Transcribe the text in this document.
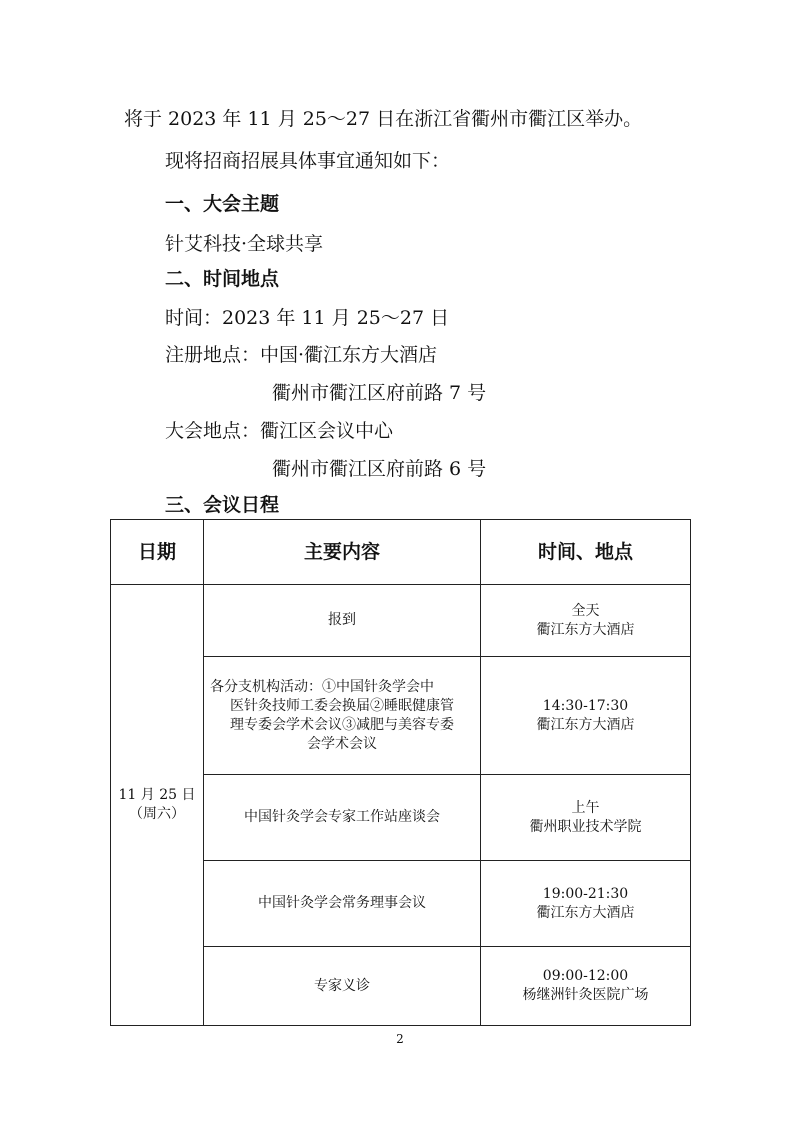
将于 2023 年 11 月 25～27 日在浙江省衢州市衢江区举办。
现将招商招展具体事宜通知如下：
一、大会主题
针艾科技·全球共享
二、时间地点
时间：2023 年 11 月 25～27 日
注册地点：中国·衢江东方大酒店
衢州市衢江区府前路 7 号
大会地点：衢江区会议中心
衢州市衢江区府前路 6 号
三、会议日程
日期	主要内容	时间、地点

11 月 25 日
（周六）	报到	全天
衢江东方大酒店

	各分支机构活动：①中国针灸学会中
医针灸技师工委会换届②睡眠健康管
理专委会学术会议③减肥与美容专委
会学术会议	14:30-17:30
衢江东方大酒店

	中国针灸学会专家工作站座谈会	上午
衢州职业技术学院

	中国针灸学会常务理事会议	19:00-21:30
衢江东方大酒店

	专家义诊	09:00-12:00
杨继洲针灸医院广场
2
